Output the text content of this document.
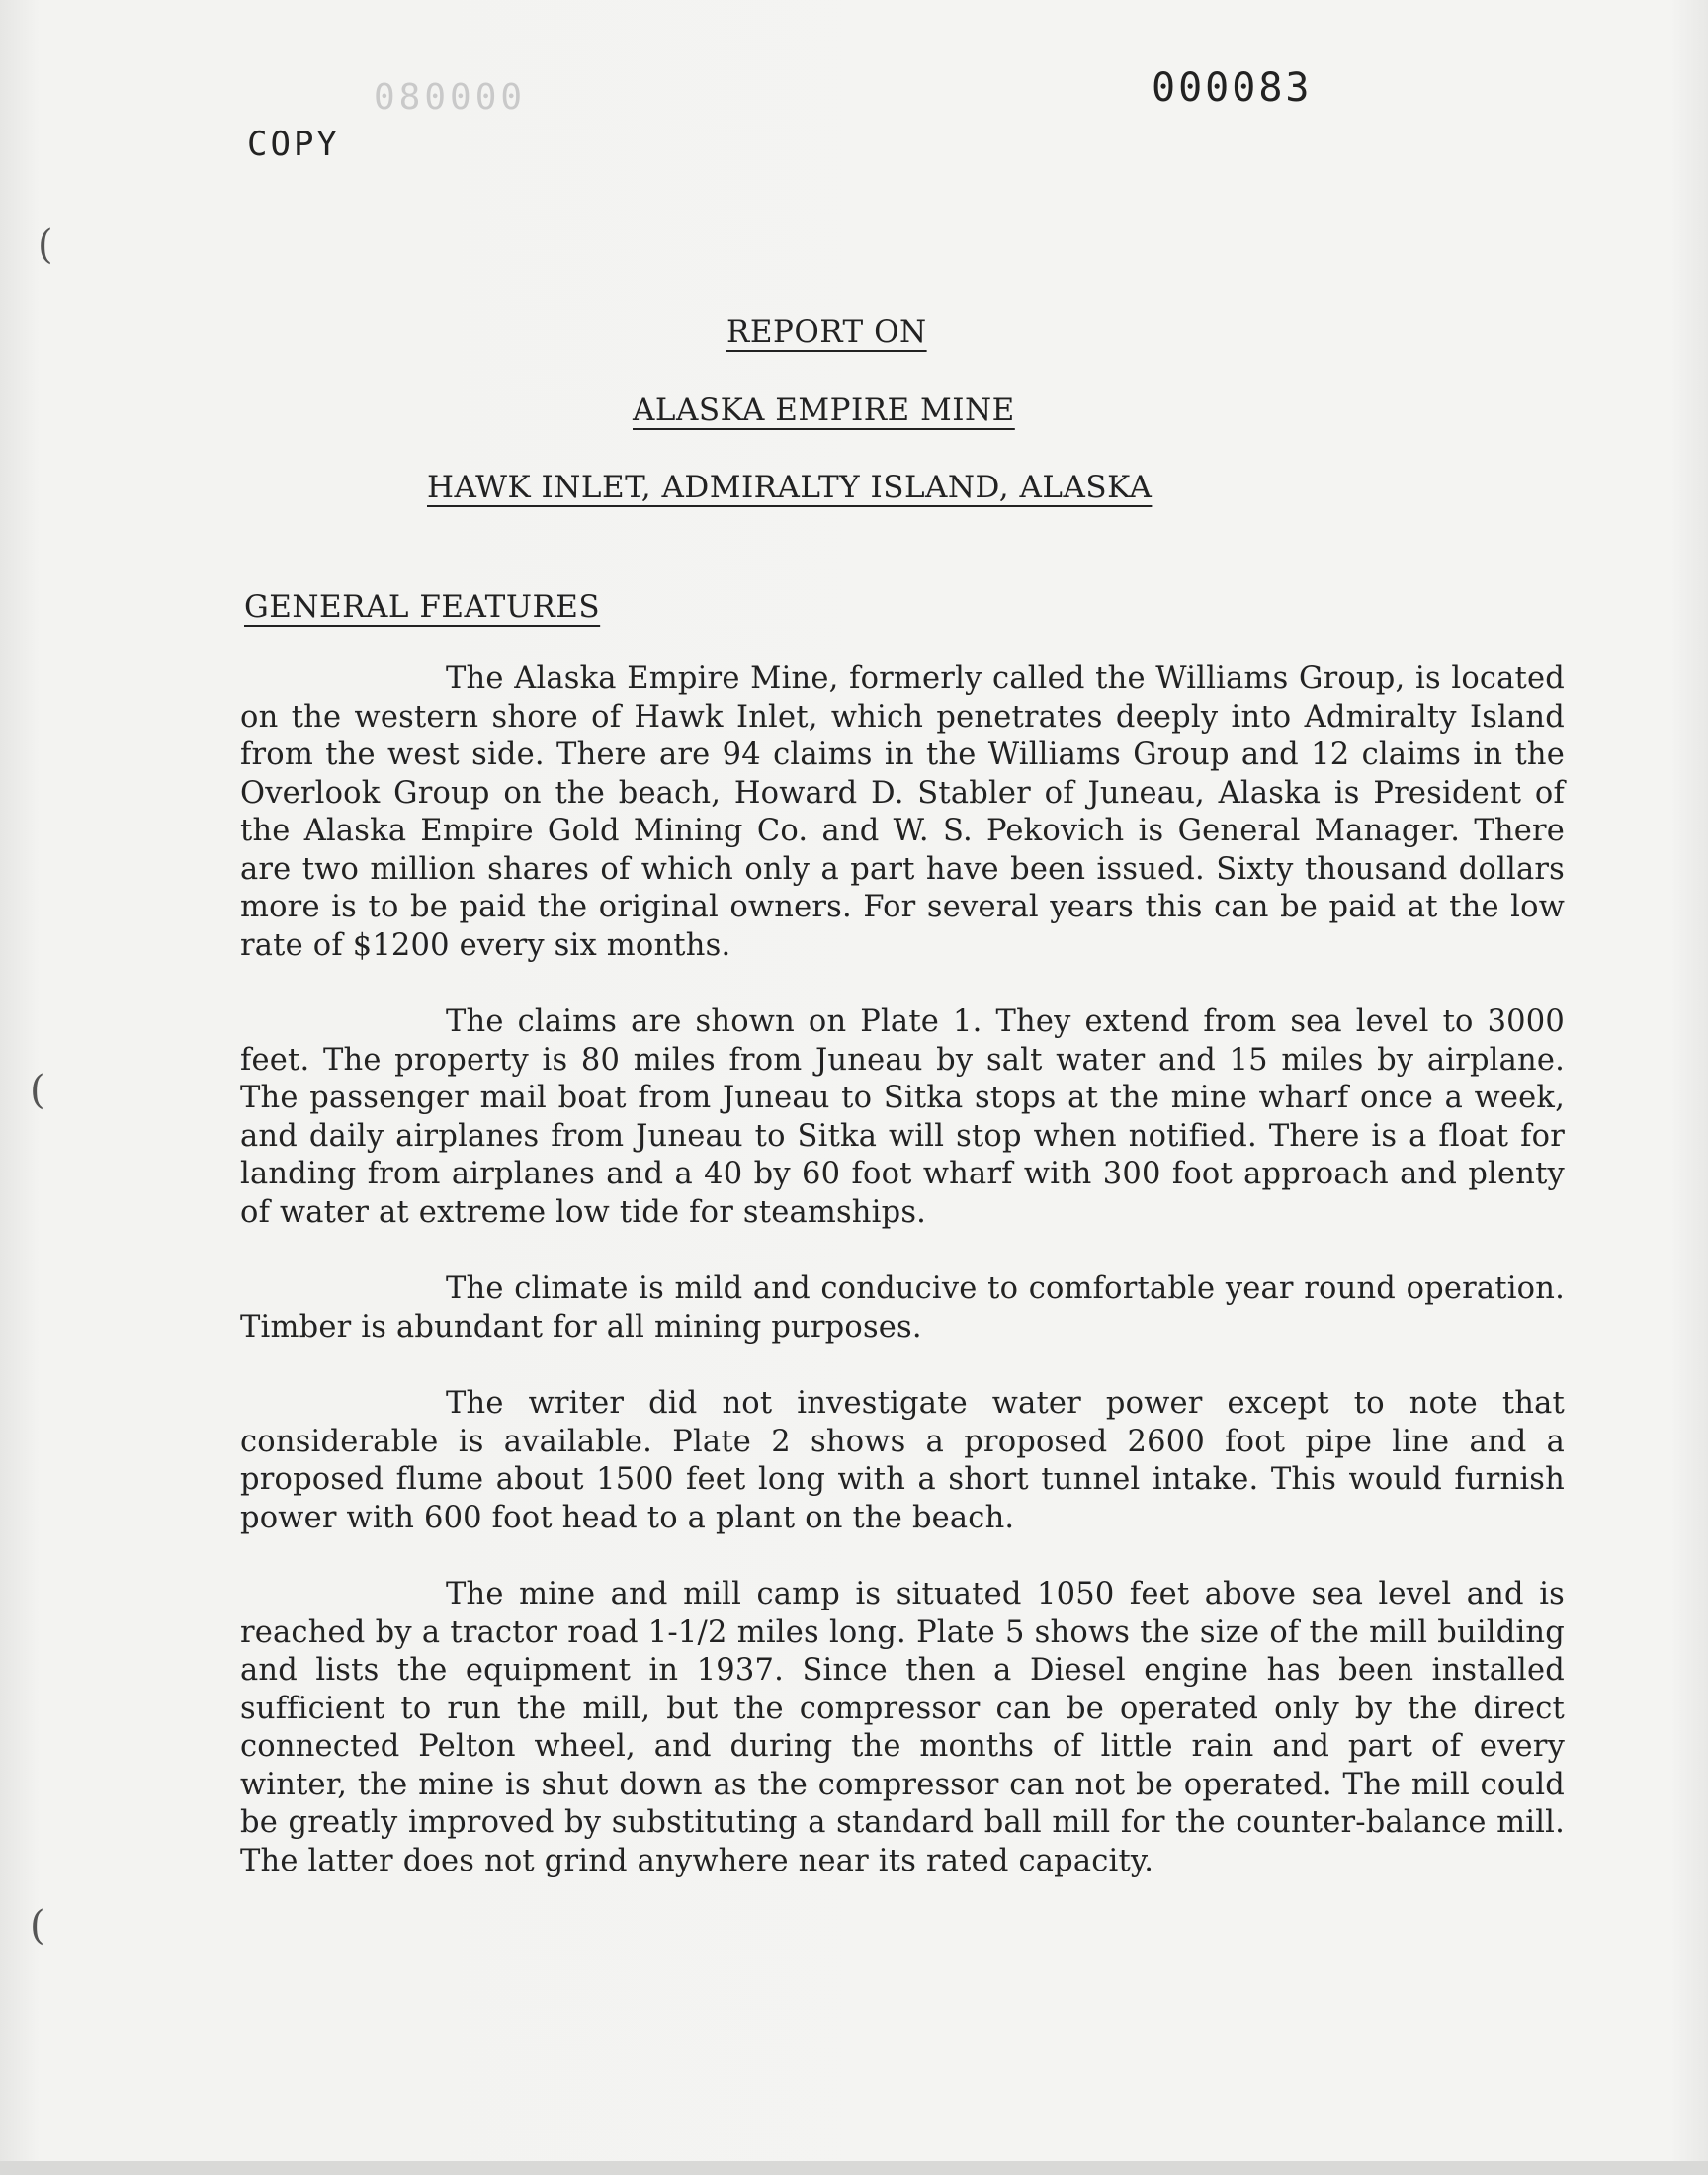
080000	000083
COPY
REPORT ON
ALASKA EMPIRE MINE
HAWK INLET, ADMIRALTY ISLAND, ALASKA
GENERAL FEATURES

The Alaska Empire Mine, formerly called the Williams Group, is located on the western shore of Hawk Inlet, which penetrates deeply into Admiralty Island from the west side. There are 94 claims in the Williams Group and 12 claims in the Overlook Group on the beach, Howard D. Stabler of Juneau, Alaska is President of the Alaska Empire Gold Mining Co. and W. S. Pekovich is General Manager. There are two million shares of which only a part have been issued. Sixty thousand dollars more is to be paid the original owners. For several years this can be paid at the low rate of $1200 every six months.

The claims are shown on Plate 1. They extend from sea level to 3000 feet. The property is 80 miles from Juneau by salt water and 15 miles by airplane. The passenger mail boat from Juneau to Sitka stops at the mine wharf once a week, and daily airplanes from Juneau to Sitka will stop when notified. There is a float for landing from airplanes and a 40 by 60 foot wharf with 300 foot approach and plenty of water at extreme low tide for steamships.

The climate is mild and conducive to comfortable year round operation. Timber is abundant for all mining purposes.

The writer did not investigate water power except to note that considerable is available. Plate 2 shows a proposed 2600 foot pipe line and a proposed flume about 1500 feet long with a short tunnel intake. This would furnish power with 600 foot head to a plant on the beach.

The mine and mill camp is situated 1050 feet above sea level and is reached by a tractor road 1-1/2 miles long. Plate 5 shows the size of the mill building and lists the equipment in 1937. Since then a Diesel engine has been installed sufficient to run the mill, but the compressor can be operated only by the direct connected Pelton wheel, and during the months of little rain and part of every winter, the mine is shut down as the compressor can not be operated. The mill could be greatly improved by substituting a standard ball mill for the counter-balance mill. The latter does not grind anywhere near its rated capacity.

(
(
(
